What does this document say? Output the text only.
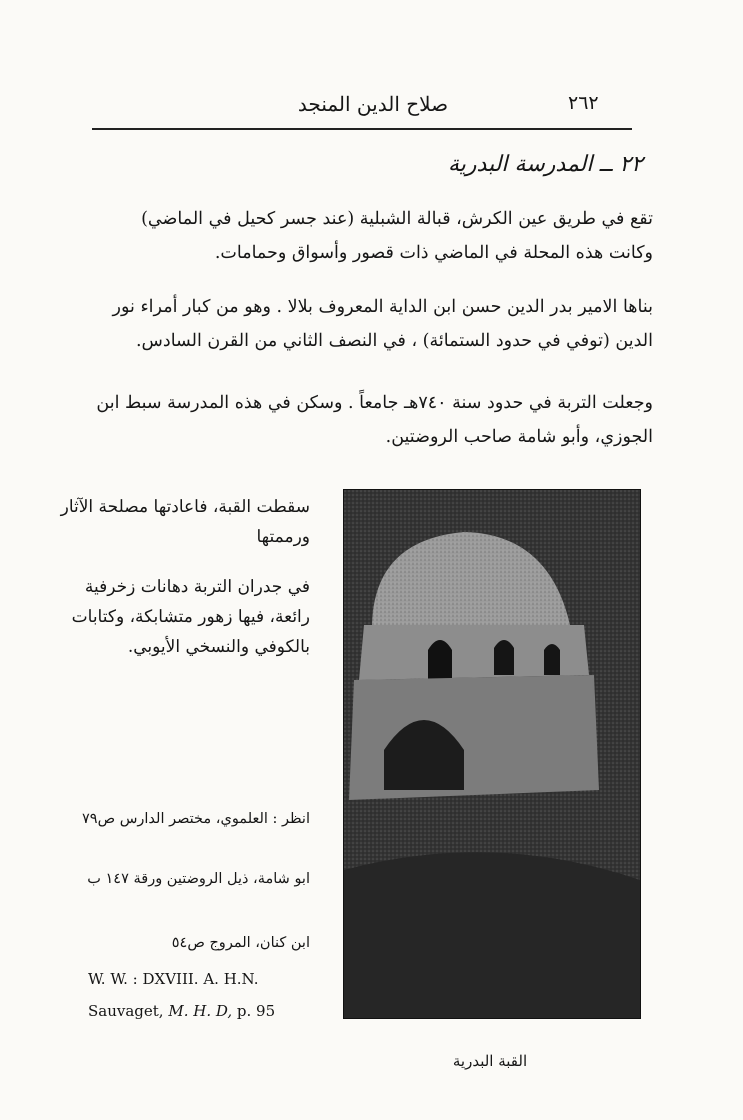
٢٦٢
صلاح الدين المنجد
٢٢ ــ المدرسة البدرية
تقع في طريق عين الكرش، قبالة الشبلية (عند جسر كحيل في الماضي) وكانت هذه المحلة في الماضي ذات قصور وأسواق وحمامات.
بناها الامير بدر الدين حسن ابن الداية المعروف بلالا . وهو من كبار أمراء نور الدين (توفي في حدود الستمائة) ، في النصف الثاني من القرن السادس.
وجعلت التربة في حدود سنة ٧٤٠هـ جامعاً . وسكن في هذه المدرسة سبط ابن الجوزي، وأبو شامة صاحب الروضتين.
سقطت القبة، فاعادتها مصلحة الآثار ورممتها
في جدران التربة دهانات زخرفية رائعة، فيها زهور متشابكة، وكتابات بالكوفي والنسخي الأيوبي.
انظر : العلموي، مختصر الدارس ص٧٩
ابو شامة، ذيل الروضتين ورقة ١٤٧ ب
ابن كنان، المروج ص٥٤
W. W. : DXVIII. A. H.N.
Sauvaget, M. H. D, p. 95
القبة البدرية
